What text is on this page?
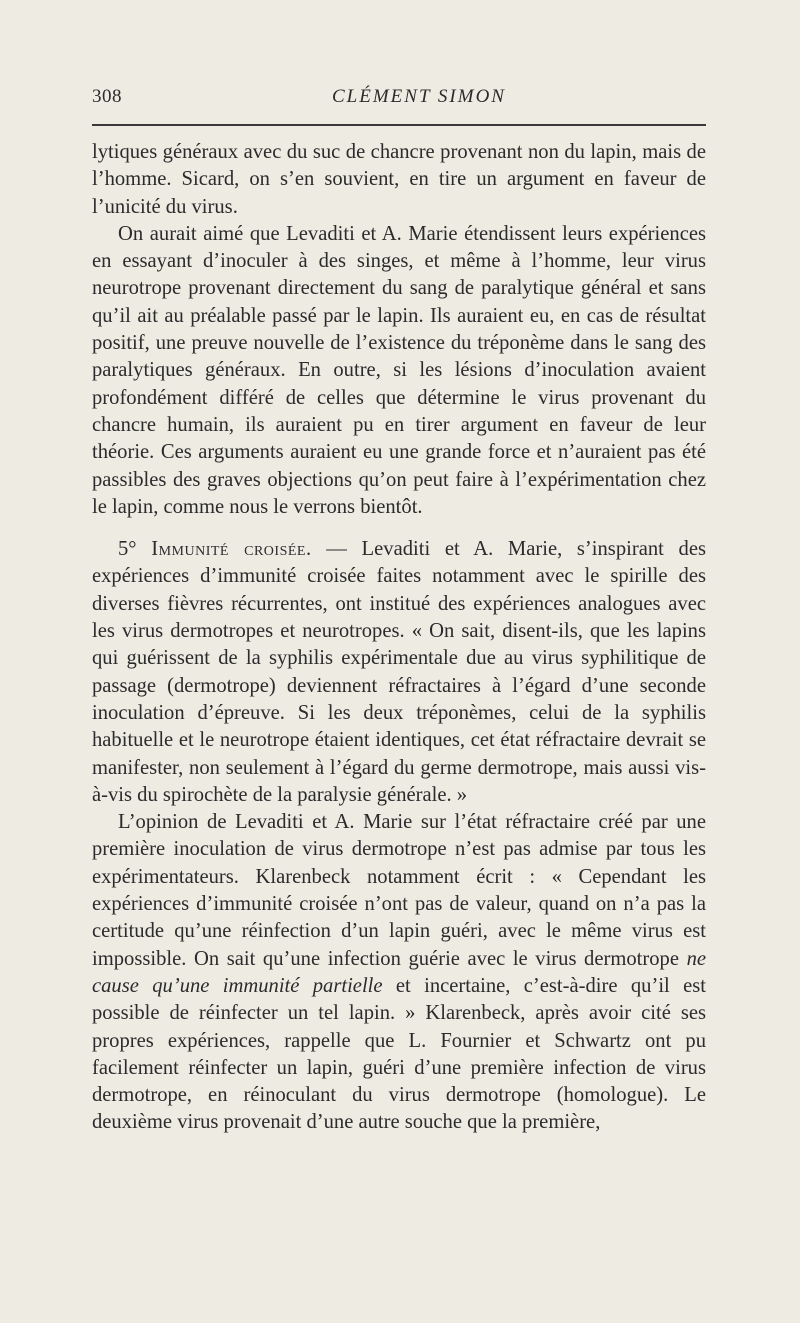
308	CLÉMENT SIMON

lytiques généraux avec du suc de chancre provenant non du lapin, mais de l’homme. Sicard, on s’en souvient, en tire un argument en faveur de l’unicité du virus.

On aurait aimé que Levaditi et A. Marie étendissent leurs expériences en essayant d’inoculer à des singes, et même à l’homme, leur virus neurotrope provenant directement du sang de paralytique général et sans qu’il ait au préalable passé par le lapin. Ils auraient eu, en cas de résultat positif, une preuve nouvelle de l’existence du tréponème dans le sang des paralytiques généraux. En outre, si les lésions d’inoculation avaient profondément différé de celles que détermine le virus provenant du chancre humain, ils auraient pu en tirer argument en faveur de leur théorie. Ces arguments auraient eu une grande force et n’auraient pas été passibles des graves objections qu’on peut faire à l’expérimentation chez le lapin, comme nous le verrons bientôt.

5° Immunité croisée. — Levaditi et A. Marie, s’inspirant des expériences d’immunité croisée faites notamment avec le spirille des diverses fièvres récurrentes, ont institué des expériences analogues avec les virus dermotropes et neurotropes. « On sait, disent-ils, que les lapins qui guérissent de la syphilis expérimentale due au virus syphilitique de passage (dermotrope) deviennent réfractaires à l’égard d’une seconde inoculation d’épreuve. Si les deux tréponèmes, celui de la syphilis habituelle et le neurotrope étaient identiques, cet état réfractaire devrait se manifester, non seulement à l’égard du germe dermotrope, mais aussi vis-à-vis du spirochète de la paralysie générale. »

L’opinion de Levaditi et A. Marie sur l’état réfractaire créé par une première inoculation de virus dermotrope n’est pas admise par tous les expérimentateurs. Klarenbeck notamment écrit : « Cependant les expériences d’immunité croisée n’ont pas de valeur, quand on n’a pas la certitude qu’une réinfection d’un lapin guéri, avec le même virus est impossible. On sait qu’une infection guérie avec le virus dermotrope ne cause qu’une immunité partielle et incertaine, c’est-à-dire qu’il est possible de réinfecter un tel lapin. » Klarenbeck, après avoir cité ses propres expériences, rappelle que L. Fournier et Schwartz ont pu facilement réinfecter un lapin, guéri d’une première infection de virus dermotrope, en réinoculant du virus dermotrope (homologue). Le deuxième virus provenait d’une autre souche que la première,
